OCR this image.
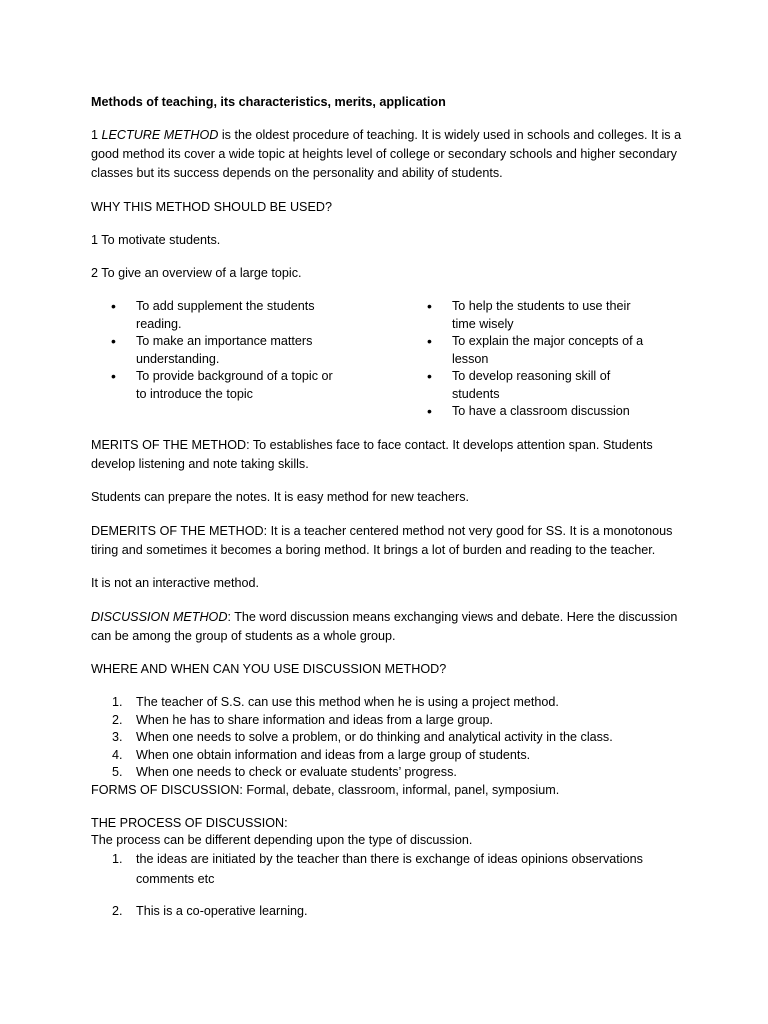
Methods of teaching, its characteristics, merits, application

1 LECTURE METHOD is the oldest procedure of teaching. It is widely used in schools and colleges. It is a good method its cover a wide topic at heights level of college or secondary schools and higher secondary classes but its success depends on the personality and ability of students.

WHY THIS METHOD SHOULD BE USED?

1 To motivate students.

2 To give an overview of a large topic.

• To add supplement the students reading.
• To make an importance matters understanding.
• To provide background of a topic or to introduce the topic
• To help the students to use their time wisely
• To explain the major concepts of a lesson
• To develop reasoning skill of students
• To have a classroom discussion

MERITS OF THE METHOD: To establishes face to face contact. It develops attention span. Students develop listening and note taking skills.

Students can prepare the notes. It is easy method for new teachers.

DEMERITS OF THE METHOD: It is a teacher centered method not very good for SS. It is a monotonous tiring and sometimes it becomes a boring method. It brings a lot of burden and reading to the teacher.

It is not an interactive method.

DISCUSSION METHOD: The word discussion means exchanging views and debate. Here the discussion can be among the group of students as a whole group.

WHERE AND WHEN CAN YOU USE DISCUSSION METHOD?

1. The teacher of S.S. can use this method when he is using a project method.
2. When he has to share information and ideas from a large group.
3. When one needs to solve a problem, or do thinking and analytical activity in the class.
4. When one obtain information and ideas from a large group of students.
5. When one needs to check or evaluate students’ progress.

FORMS OF DISCUSSION: Formal, debate, classroom, informal, panel, symposium.

THE PROCESS OF DISCUSSION:

The process can be different depending upon the type of discussion.

1. the ideas are initiated by the teacher than there is exchange of ideas opinions observations
comments etc
2. This is a co-operative learning.
